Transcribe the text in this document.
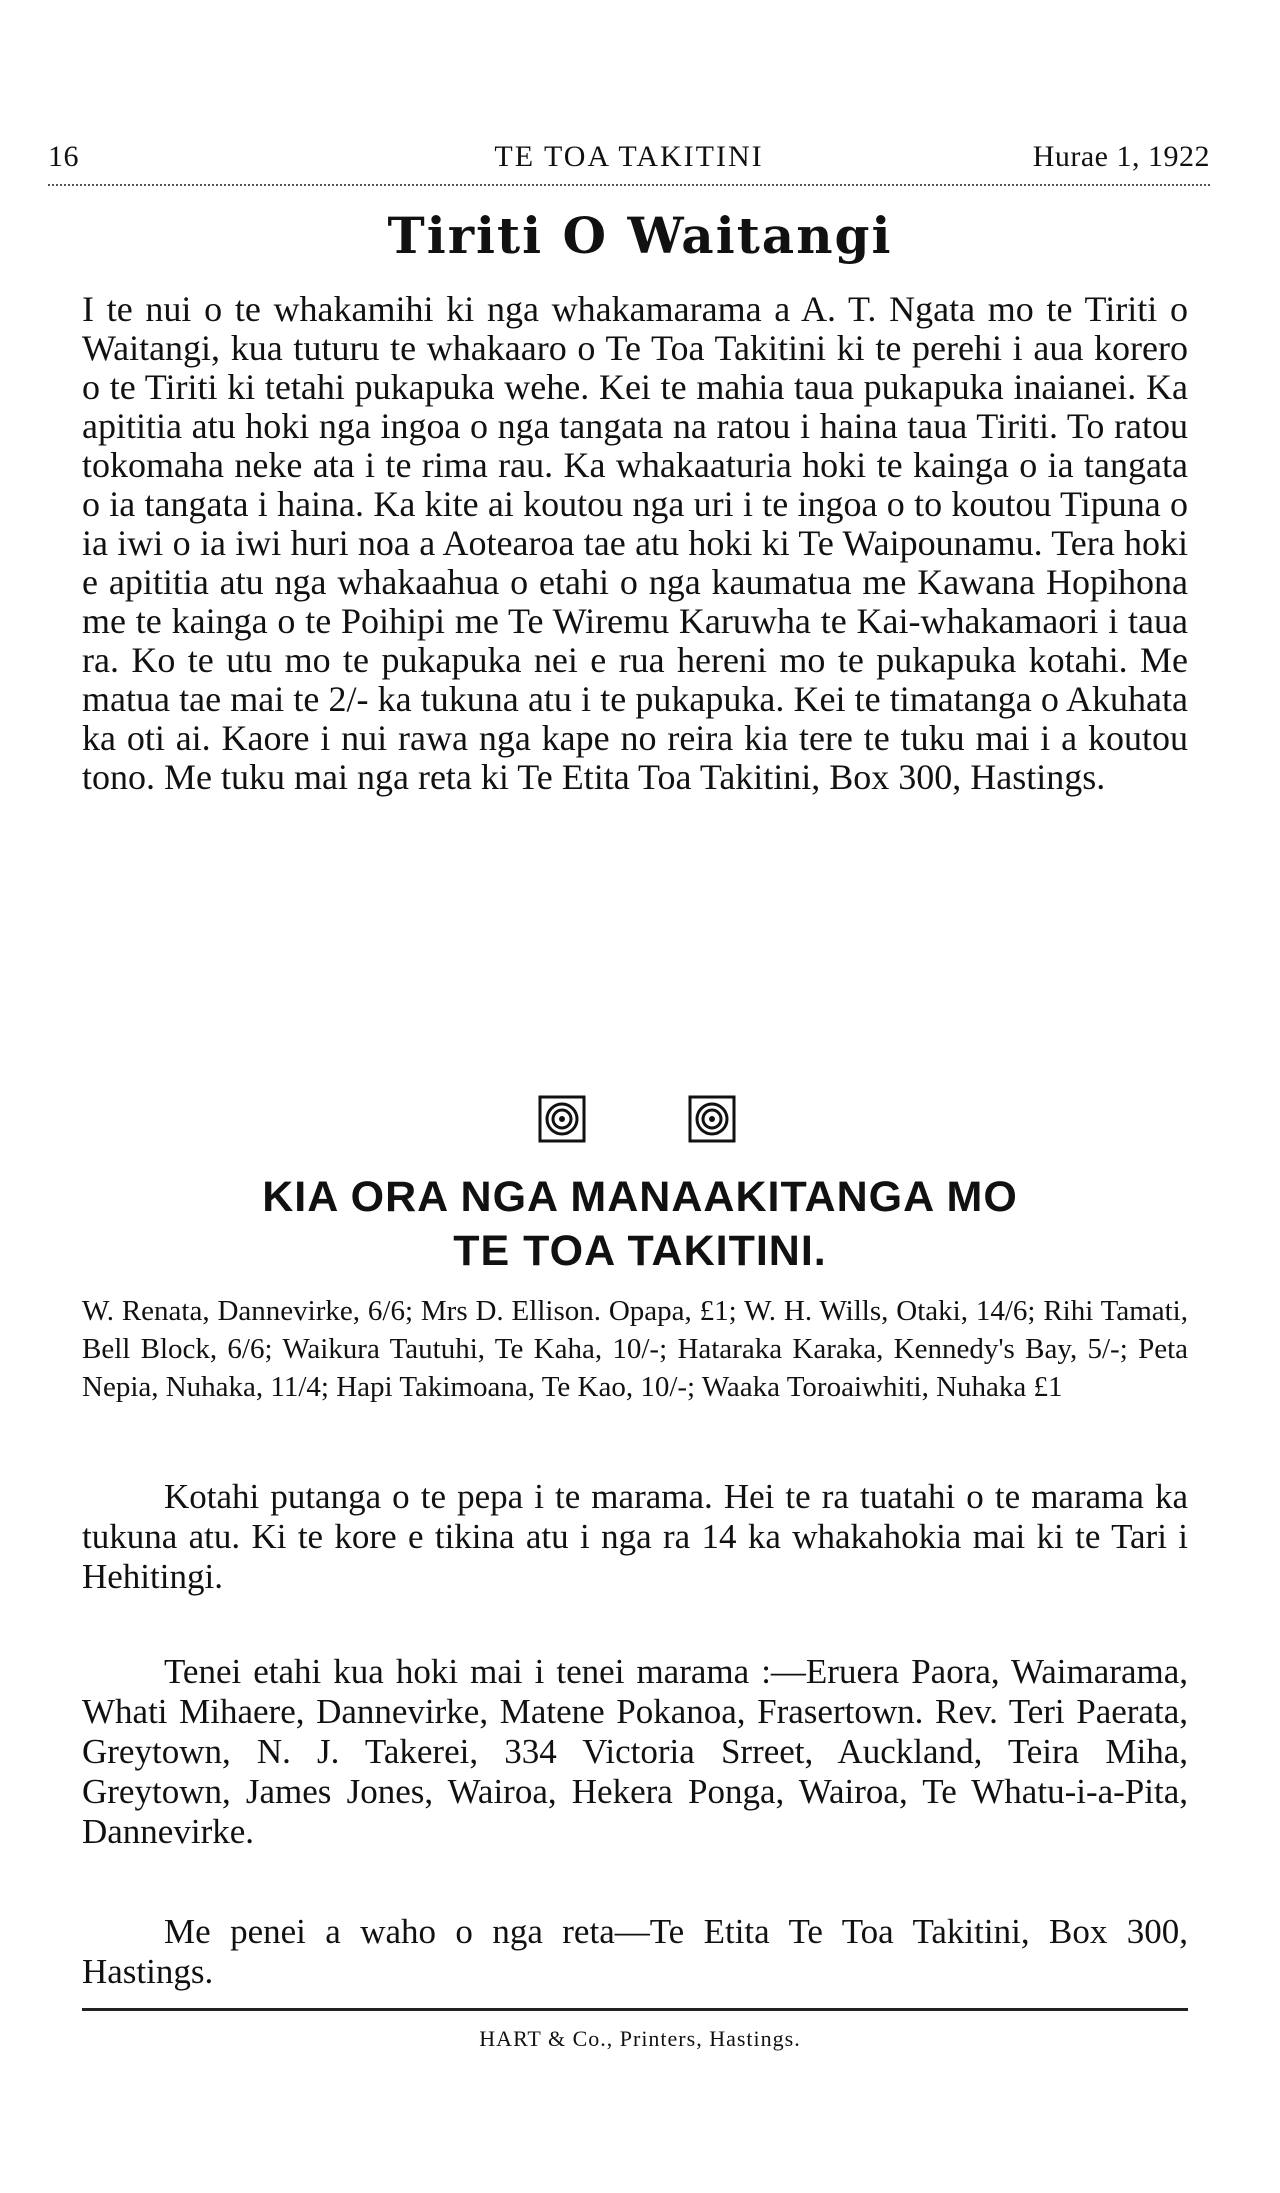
16	TE TOA TAKITINI	Hurae 1, 1922
Tiriti O Waitangi

I te nui o te whakamihi ki nga whakamarama a A. T. Ngata mo te Tiriti o Waitangi, kua tuturu te whakaaro o Te Toa Takitini ki te perehi i aua korero o te Tiriti ki tetahi pukapuka wehe. Kei te mahia taua pukapuka inaianei. Ka apititia atu hoki nga ingoa o nga tangata na ratou i haina taua Tiriti. To ratou tokomaha neke ata i te rima rau. Ka whakaaturia hoki te kainga o ia tangata o ia tangata i haina. Ka kite ai koutou nga uri i te ingoa o to koutou Tipuna o ia iwi o ia iwi huri noa a Aotearoa tae atu hoki ki Te Waipounamu. Tera hoki e apititia atu nga whakaahua o etahi o nga kaumatua me Kawana Hopihona me te kainga o te Poihipi me Te Wiremu Karuwha te Kai-whakamaori i taua ra. Ko te utu mo te pukapuka nei e rua hereni mo te pukapuka kotahi. Me matua tae mai te 2/- ka tukuna atu i te pukapuka. Kei te timatanga o Akuhata ka oti ai. Kaore i nui rawa nga kape no reira kia tere te tuku mai i a koutou tono. Me tuku mai nga reta ki Te Etita Toa Takitini, Box 300, Hastings.

KIA ORA NGA MANAAKITANGA MO
TE TOA TAKITINI.

W. Renata, Dannevirke, 6/6; Mrs D. Ellison. Opapa, £1; W. H. Wills, Otaki, 14/6; Rihi Tamati, Bell Block, 6/6; Waikura Tautuhi, Te Kaha, 10/-; Hataraka Karaka, Kennedy's Bay, 5/-; Peta Nepia, Nuhaka, 11/4; Hapi Takimoana, Te Kao, 10/-; Waaka Toroaiwhiti, Nuhaka £1

Kotahi putanga o te pepa i te marama. Hei te ra tuatahi o te marama ka tukuna atu. Ki te kore e tikina atu i nga ra 14 ka whakahokia mai ki te Tari i Hehitingi.

Tenei etahi kua hoki mai i tenei marama :—Eruera Paora, Waimarama, Whati Mihaere, Dannevirke, Matene Pokanoa, Frasertown. Rev. Teri Paerata, Greytown, N. J. Takerei, 334 Victoria Srreet, Auckland, Teira Miha, Greytown, James Jones, Wairoa, Hekera Ponga, Wairoa, Te Whatu-i-a-Pita, Dannevirke.

Me penei a waho o nga reta—Te Etita Te Toa Takitini, Box 300, Hastings.

HART & Co., Printers, Hastings.
